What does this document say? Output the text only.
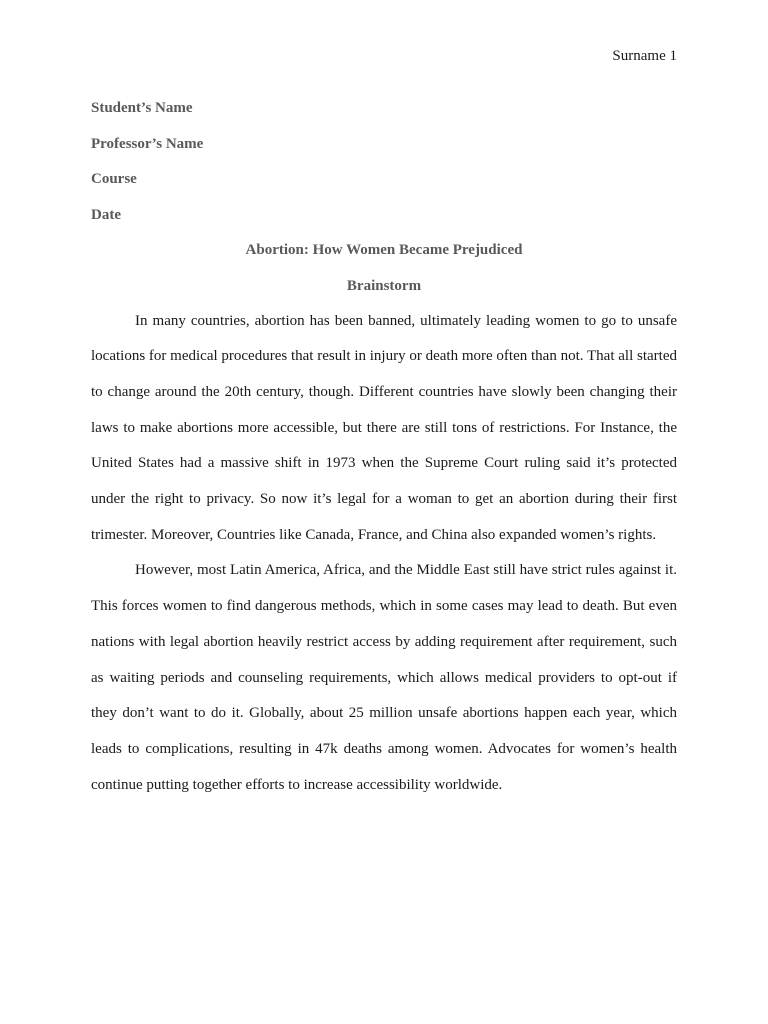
Surname 1
Student’s Name
Professor’s Name
Course
Date
Abortion: How Women Became Prejudiced
Brainstorm

In many countries, abortion has been banned, ultimately leading women to go to unsafe locations for medical procedures that result in injury or death more often than not. That all started to change around the 20th century, though. Different countries have slowly been changing their laws to make abortions more accessible, but there are still tons of restrictions. For Instance, the United States had a massive shift in 1973 when the Supreme Court ruling said it’s protected under the right to privacy. So now it’s legal for a woman to get an abortion during their first trimester. Moreover, Countries like Canada, France, and China also expanded women’s rights.

However, most Latin America, Africa, and the Middle East still have strict rules against it. This forces women to find dangerous methods, which in some cases may lead to death. But even nations with legal abortion heavily restrict access by adding requirement after requirement, such as waiting periods and counseling requirements, which allows medical providers to opt-out if they don’t want to do it. Globally, about 25 million unsafe abortions happen each year, which leads to complications, resulting in 47k deaths among women. Advocates for women’s health continue putting together efforts to increase accessibility worldwide.
